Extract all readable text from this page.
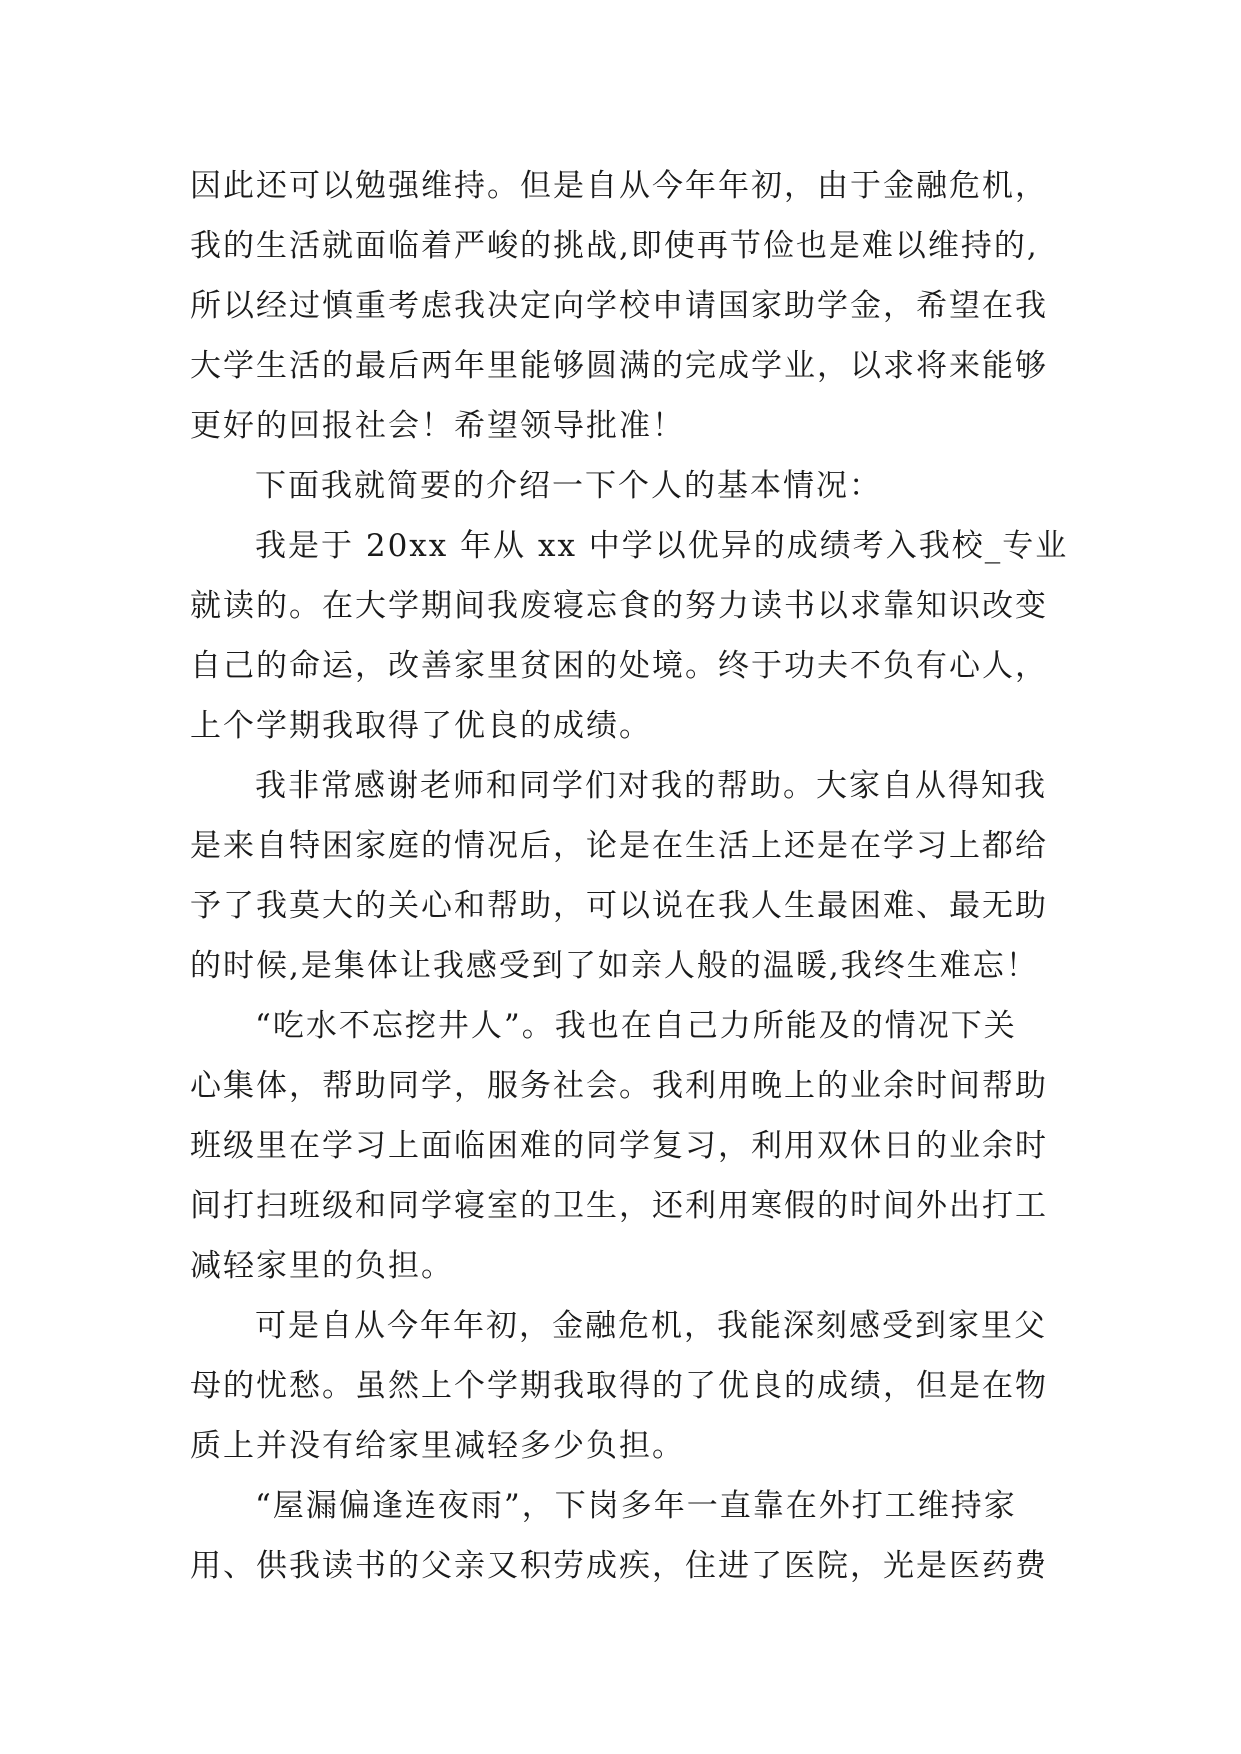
因此还可以勉强维持。但是自从今年年初，由于金融危机，
我的生活就面临着严峻的挑战,即使再节俭也是难以维持的,
所以经过慎重考虑我决定向学校申请国家助学金，希望在我
大学生活的最后两年里能够圆满的完成学业，以求将来能够
更好的回报社会！希望领导批准！
下面我就简要的介绍一下个人的基本情况：
我是于 20xx 年从 xx 中学以优异的成绩考入我校_专业
就读的。在大学期间我废寝忘食的努力读书以求靠知识改变
自己的命运，改善家里贫困的处境。终于功夫不负有心人，
上个学期我取得了优良的成绩。
我非常感谢老师和同学们对我的帮助。大家自从得知我
是来自特困家庭的情况后，论是在生活上还是在学习上都给
予了我莫大的关心和帮助，可以说在我人生最困难、最无助
的时候,是集体让我感受到了如亲人般的温暖,我终生难忘！
“吃水不忘挖井人”。我也在自己力所能及的情况下关
心集体，帮助同学，服务社会。我利用晚上的业余时间帮助
班级里在学习上面临困难的同学复习，利用双休日的业余时
间打扫班级和同学寝室的卫生，还利用寒假的时间外出打工
减轻家里的负担。
可是自从今年年初，金融危机，我能深刻感受到家里父
母的忧愁。虽然上个学期我取得的了优良的成绩，但是在物
质上并没有给家里减轻多少负担。
“屋漏偏逢连夜雨”，下岗多年一直靠在外打工维持家
用、供我读书的父亲又积劳成疾，住进了医院，光是医药费
